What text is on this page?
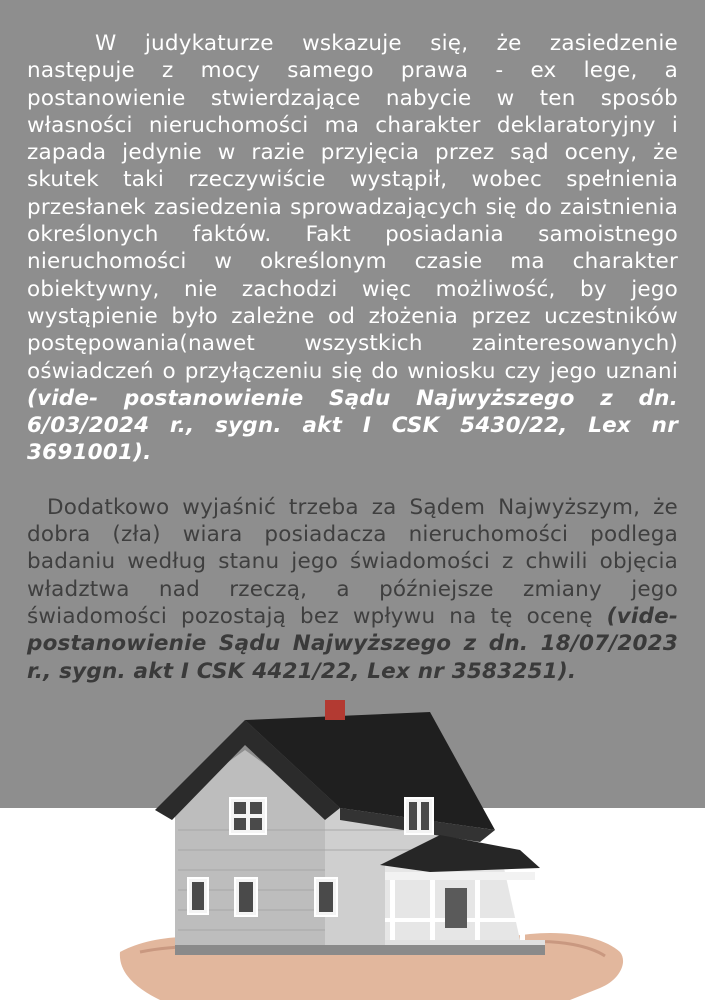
W judykaturze wskazuje się, że zasiedzenie następuje z mocy samego prawa - ex lege, a postanowienie stwierdzające nabycie w ten sposób własności nieruchomości ma charakter deklaratoryjny i zapada jedynie w razie przyjęcia przez sąd oceny, że skutek taki rzeczywiście wystąpił, wobec spełnienia przesłanek zasiedzenia sprowadzających się do zaistnienia określonych faktów. Fakt posiadania samoistnego nieruchomości w określonym czasie ma charakter obiektywny, nie zachodzi więc możliwość, by jego wystąpienie było zależne od złożenia przez uczestników postępowania(nawet wszystkich zainteresowanych) oświadczeń o przyłączeniu się do wniosku czy jego uznani (vide- postanowienie Sądu Najwyższego z dn. 6/03/2024 r., sygn. akt I CSK 5430/22, Lex nr 3691001).

Dodatkowo wyjaśnić trzeba za Sądem Najwyższym, że dobra (zła) wiara posiadacza nieruchomości podlega badaniu według stanu jego świadomości z chwili objęcia władztwa nad rzeczą, a późniejsze zmiany jego świadomości pozostają bez wpływu na tę ocenę (vide- postanowienie Sądu Najwyższego z dn. 18/07/2023 r., sygn. akt I CSK 4421/22, Lex nr 3583251).
